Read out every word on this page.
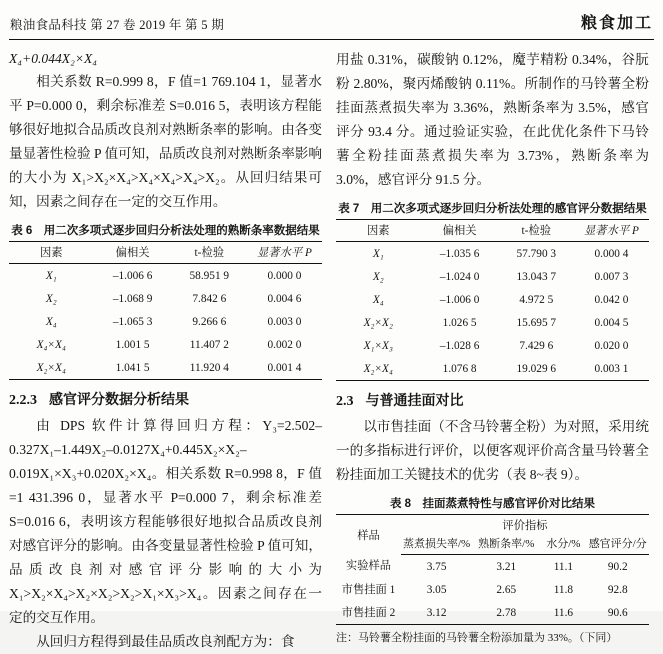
粮油食品科技 第 27 卷 2019 年 第 5 期	粮食加工
X₄+0.044X₂×X₄

相关系数 R=0.999 8，F 值=1 769.104 1，显著水平 P=0.000 0，剩余标准差 S=0.016 5，表明该方程能够很好地拟合品质改良剂对熟断条率的影响。由各变量显著性检验 P 值可知，品质改良剂对熟断条率影响的大小为 X₁>X₂×X₄>X₄×X₄>X₄>X₂。从回归结果可知，因素之间存在一定的交互作用。

表 6　用二次多项式逐步回归分析法处理的熟断条率数据结果
因素	偏相关	t-检验	显著水平 P
X₁	–1.006 6	58.951 9	0.000 0
X₂	–1.068 9	7.842 6	0.004 6
X₄	–1.065 3	9.266 6	0.003 0
X₄×X₄	1.001 5	11.407 2	0.002 0
X₂×X₄	1.041 5	11.920 4	0.001 4
2.2.3 感官评分数据分析结果

由 DPS 软件计算得回归方程：Y₃=2.502–0.327X₁–1.449X₂–0.0127X₄+0.445X₂×X₂–0.019X₁×X₃+0.020X₂×X₄。相关系数 R=0.998 8，F 值=1 431.396 0，显著水平 P=0.000 7，剩余标准差 S=0.016 6，表明该方程能够很好地拟合品质改良剂对感官评分的影响。由各变量显著性检验 P 值可知，品质改良剂对感官评分影响的大小为 X₁>X₂×X₄>X₂×X₂>X₂>X₁×X₃>X₄。因素之间存在一定的交互作用。

从回归方程得到最佳品质改良剂配方为：食

用盐 0.31%，碳酸钠 0.12%，魔芋精粉 0.34%，谷朊粉 2.80%，聚丙烯酸钠 0.11%。所制作的马铃薯全粉挂面蒸煮损失率为 3.36%，熟断条率为 3.5%，感官评分 93.4 分。通过验证实验，在此优化条件下马铃薯全粉挂面蒸煮损失率为 3.73%，熟断条率为 3.0%，感官评分 91.5 分。

表 7　用二次多项式逐步回归分析法处理的感官评分数据结果
因素	偏相关	t-检验	显著水平 P
X₁	–1.035 6	57.790 3	0.000 4
X₂	–1.024 0	13.043 7	0.007 3
X₄	–1.006 0	4.972 5	0.042 0
X₂×X₂	1.026 5	15.695 7	0.004 5
X₁×X₃	–1.028 6	7.429 6	0.020 0
X₂×X₄	1.076 8	19.029 6	0.003 1
2.3 与普通挂面对比

以市售挂面（不含马铃薯全粉）为对照，采用统一的多指标进行评价，以便客观评价高含量马铃薯全粉挂面加工关键技术的优劣（表 8~表 9）。

表 8　挂面蒸煮特性与感官评价对比结果
样品	评价指标			
	蒸煮损失率/%	熟断条率/%	水分/%	感官评分/分
实验样品	3.75	3.21	11.1	90.2
市售挂面 1	3.05	2.65	11.8	92.8
市售挂面 2	3.12	2.78	11.6	90.6
注：马铃薯全粉挂面的马铃薯全粉添加量为 33%。（下同）
